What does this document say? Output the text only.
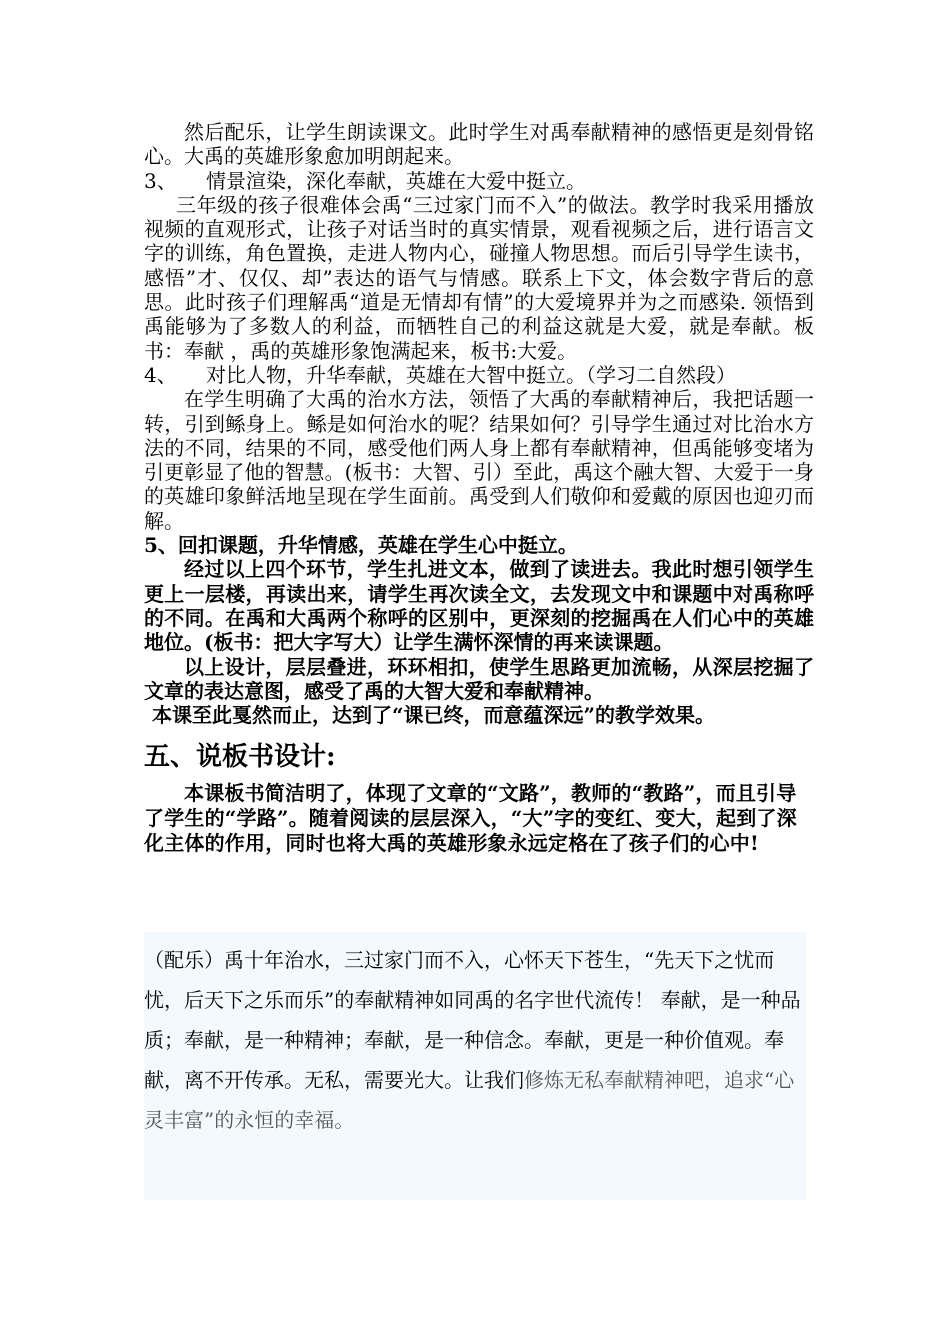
然后配乐，让学生朗读课文。此时学生对禹奉献精神的感悟更是刻骨铭心。大禹的英雄形象愈加明朗起来。

3、 情景渲染，深化奉献，英雄在大爱中挺立。

三年级的孩子很难体会禹“三过家门而不入”的做法。教学时我采用播放视频的直观形式，让孩子对话当时的真实情景，观看视频之后，进行语言文字的训练，角色置换，走进人物内心，碰撞人物思想。而后引导学生读书，感悟”才、仅仅、却”表达的语气与情感。联系上下文，体会数字背后的意思。此时孩子们理解禹“道是无情却有情”的大爱境界并为之而感染. 领悟到禹能够为了多数人的利益，而牺牲自己的利益这就是大爱，就是奉献。板书：奉献 ，禹的英雄形象饱满起来，板书:大爱。

4、 对比人物，升华奉献，英雄在大智中挺立。（学习二自然段）

在学生明确了大禹的治水方法，领悟了大禹的奉献精神后，我把话题一转，引到鲧身上。鲧是如何治水的呢？结果如何？引导学生通过对比治水方法的不同，结果的不同，感受他们两人身上都有奉献精神，但禹能够变堵为引更彰显了他的智慧。(板书：大智、引）至此，禹这个融大智、大爱于一身的英雄印象鲜活地呈现在学生面前。禹受到人们敬仰和爱戴的原因也迎刃而解。

5、回扣课题，升华情感，英雄在学生心中挺立。

经过以上四个环节，学生扎进文本，做到了读进去。我此时想引领学生更上一层楼，再读出来，请学生再次读全文，去发现文中和课题中对禹称呼的不同。在禹和大禹两个称呼的区别中，更深刻的挖掘禹在人们心中的英雄地位。(板书：把大字写大）让学生满怀深情的再来读课题。

以上设计，层层叠进，环环相扣，使学生思路更加流畅，从深层挖掘了文章的表达意图，感受了禹的大智大爱和奉献精神。

本课至此戛然而止，达到了“课已终，而意蕴深远”的教学效果。

五、说板书设计:

本课板书简洁明了，体现了文章的“文路”，教师的“教路”，而且引导了学生的“学路”。随着阅读的层层深入，“大”字的变红、变大，起到了深化主体的作用，同时也将大禹的英雄形象永远定格在了孩子们的心中!

（配乐）禹十年治水，三过家门而不入，心怀天下苍生，“先天下之忧而忧，后天下之乐而乐”的奉献精神如同禹的名字世代流传！ 奉献，是一种品质；奉献，是一种精神；奉献，是一种信念。奉献，更是一种价值观。奉献，离不开传承。无私，需要光大。让我们修炼无私奉献精神吧，追求“心灵丰富”的永恒的幸福。
